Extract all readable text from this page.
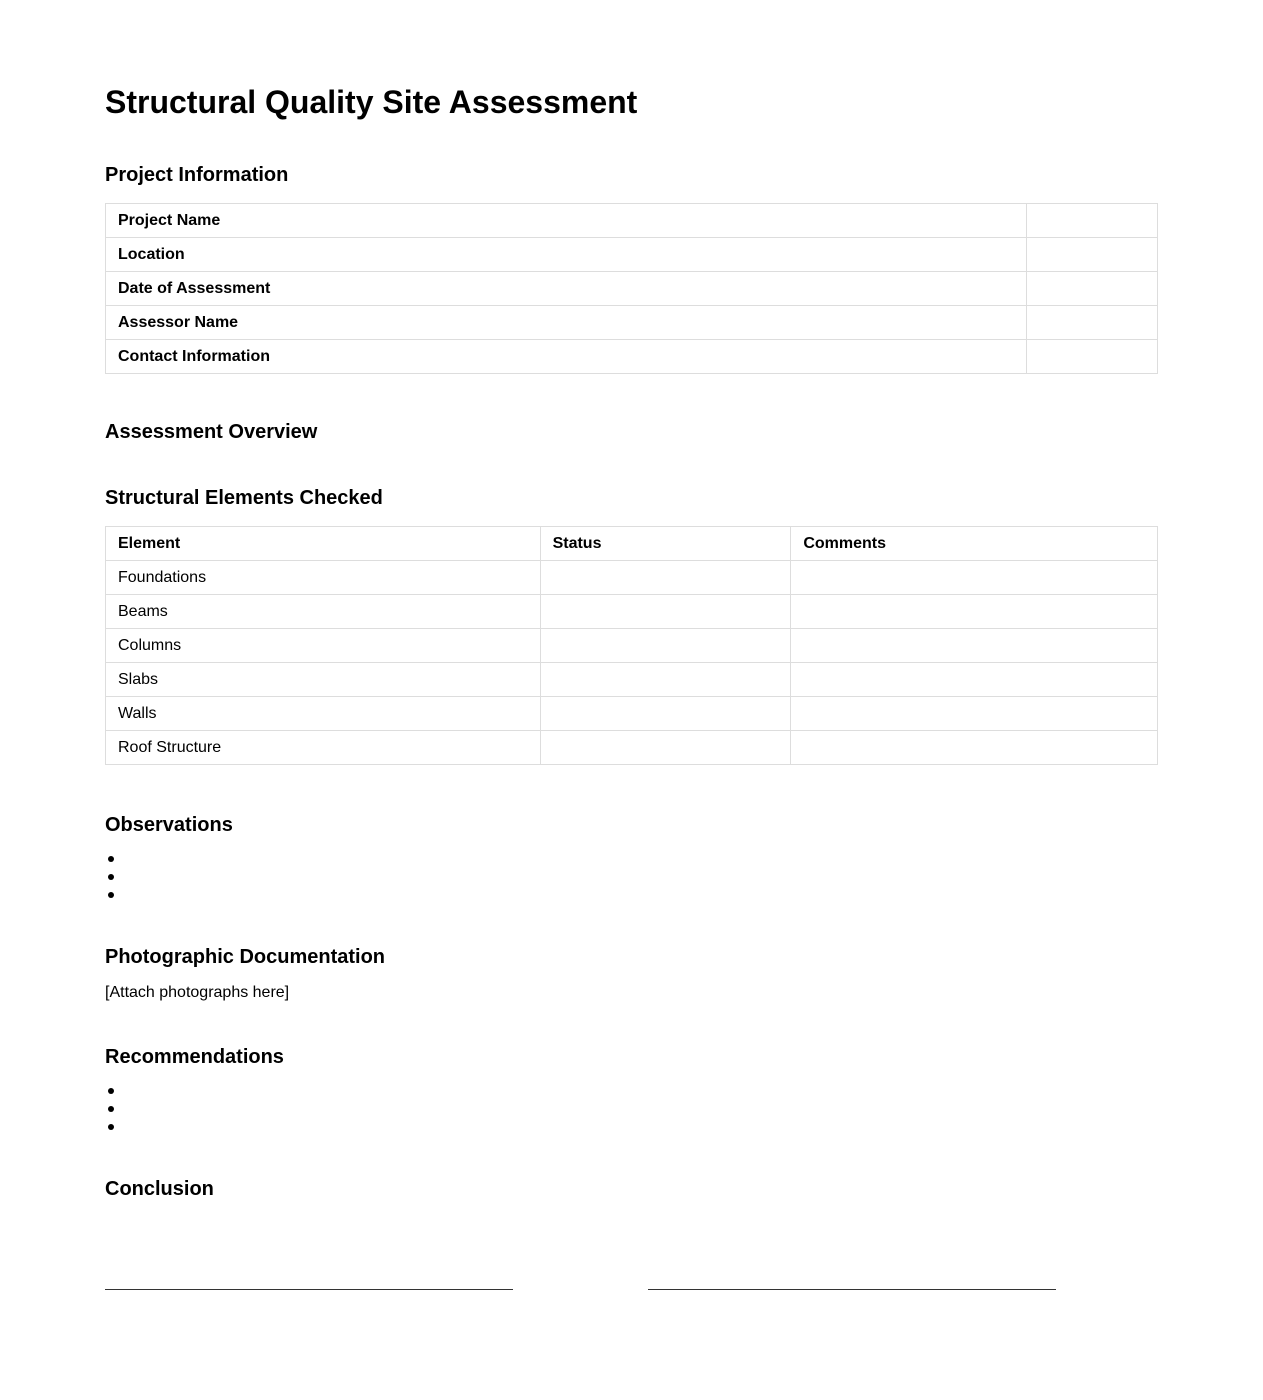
Structural Quality Site Assessment
Project Information
Project Name	
Location	
Date of Assessment	
Assessor Name	
Contact Information	
Assessment Overview
Structural Elements Checked
Element	Status	Comments
Foundations		
Beams		
Columns		
Slabs		
Walls		
Roof Structure		
Observations
Photographic Documentation
[Attach photographs here]
Recommendations
Conclusion
